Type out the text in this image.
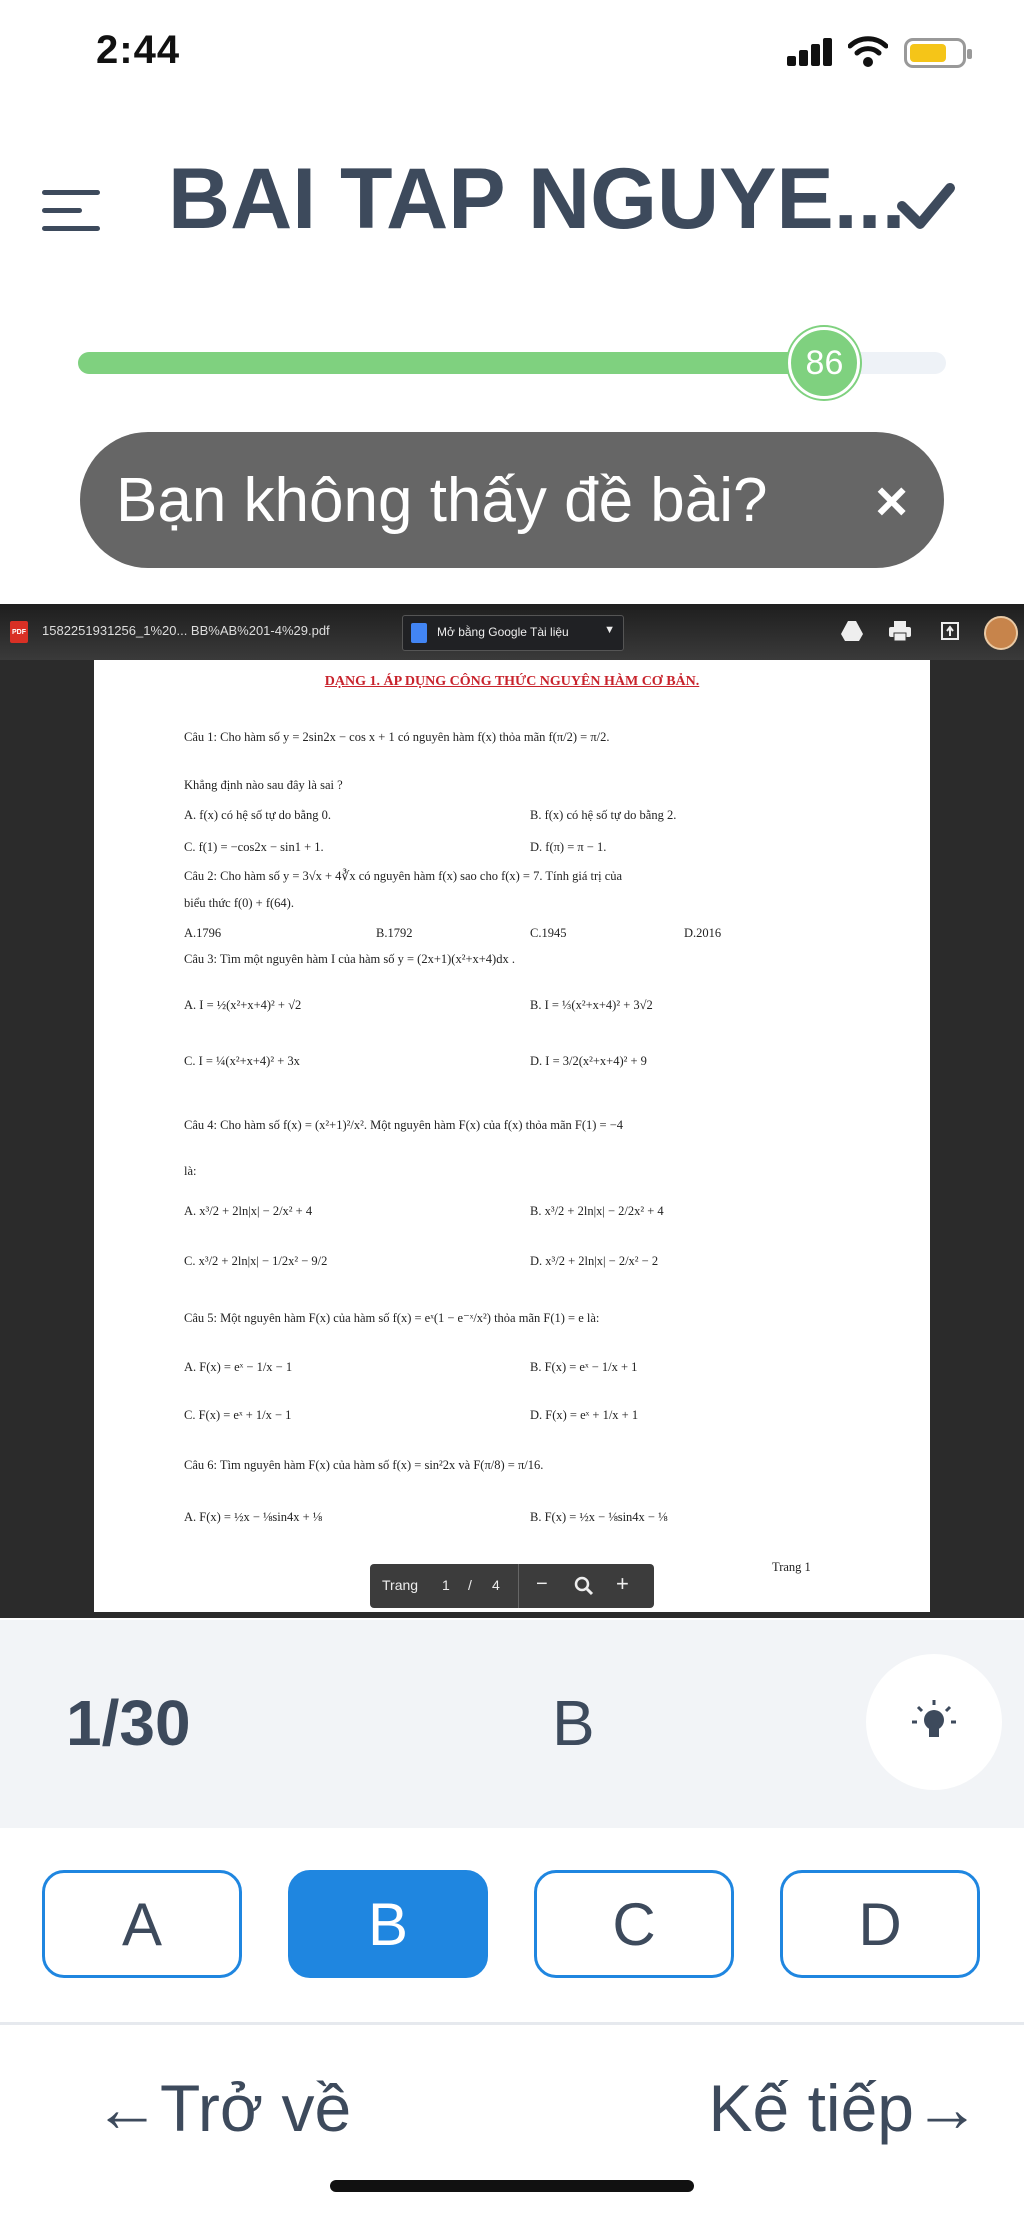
2:44
BAI TAP NGUYE...
86
Bạn không thấy đề bài? ×
PDF 1582251931256_1%20... BB%AB%201-4%29.pdf	Mở bằng Google Tài liệu	▼
DẠNG 1. ÁP DỤNG CÔNG THỨC NGUYÊN HÀM CƠ BẢN.
Câu 1: Cho hàm số y = 2sin2x − cos x + 1 có nguyên hàm f(x) thỏa mãn f(π/2) = π/2.
Khẳng định nào sau đây là sai ?
A. f(x) có hệ số tự do bằng 0.	B. f(x) có hệ số tự do bằng 2.
C. f(1) = −cos2x − sin1 + 1.	D. f(π) = π − 1.
Câu 2: Cho hàm số y = 3√x + 4∛x có nguyên hàm f(x) sao cho f(x) = 7. Tính giá trị của
biểu thức f(0) + f(64).
A.1796	B.1792	C.1945	D.2016
Câu 3: Tìm một nguyên hàm I của hàm số y = (2x+1)(x²+x+4)dx .
A. I = ½(x²+x+4)² + √2	B. I = ⅓(x²+x+4)² + 3√2
C. I = ¼(x²+x+4)² + 3x	D. I = 3/2(x²+x+4)² + 9
Câu 4: Cho hàm số f(x) = (x²+1)²/x². Một nguyên hàm F(x) của f(x) thỏa mãn F(1) = −4
là:
A. x³/2 + 2ln|x| − 2/x² + 4	B. x³/2 + 2ln|x| − 2/2x² + 4
C. x³/2 + 2ln|x| − 1/2x² − 9/2	D. x³/2 + 2ln|x| − 2/x² − 2
Câu 5: Một nguyên hàm F(x) của hàm số f(x) = eˣ(1 − e⁻ˣ/x²) thỏa mãn F(1) = e là:
A. F(x) = eˣ − 1/x − 1	B. F(x) = eˣ − 1/x + 1
C. F(x) = eˣ + 1/x − 1	D. F(x) = eˣ + 1/x + 1
Câu 6: Tìm nguyên hàm F(x) của hàm số f(x) = sin²2x và F(π/8) = π/16.
A. F(x) = ½x − ⅛sin4x + ⅛	B. F(x) = ½x − ⅛sin4x − ⅛
Trang 1
Trang 1 / 4 −	+
1/30	B
A	B	C	D
←Trở về	Kế tiếp→
